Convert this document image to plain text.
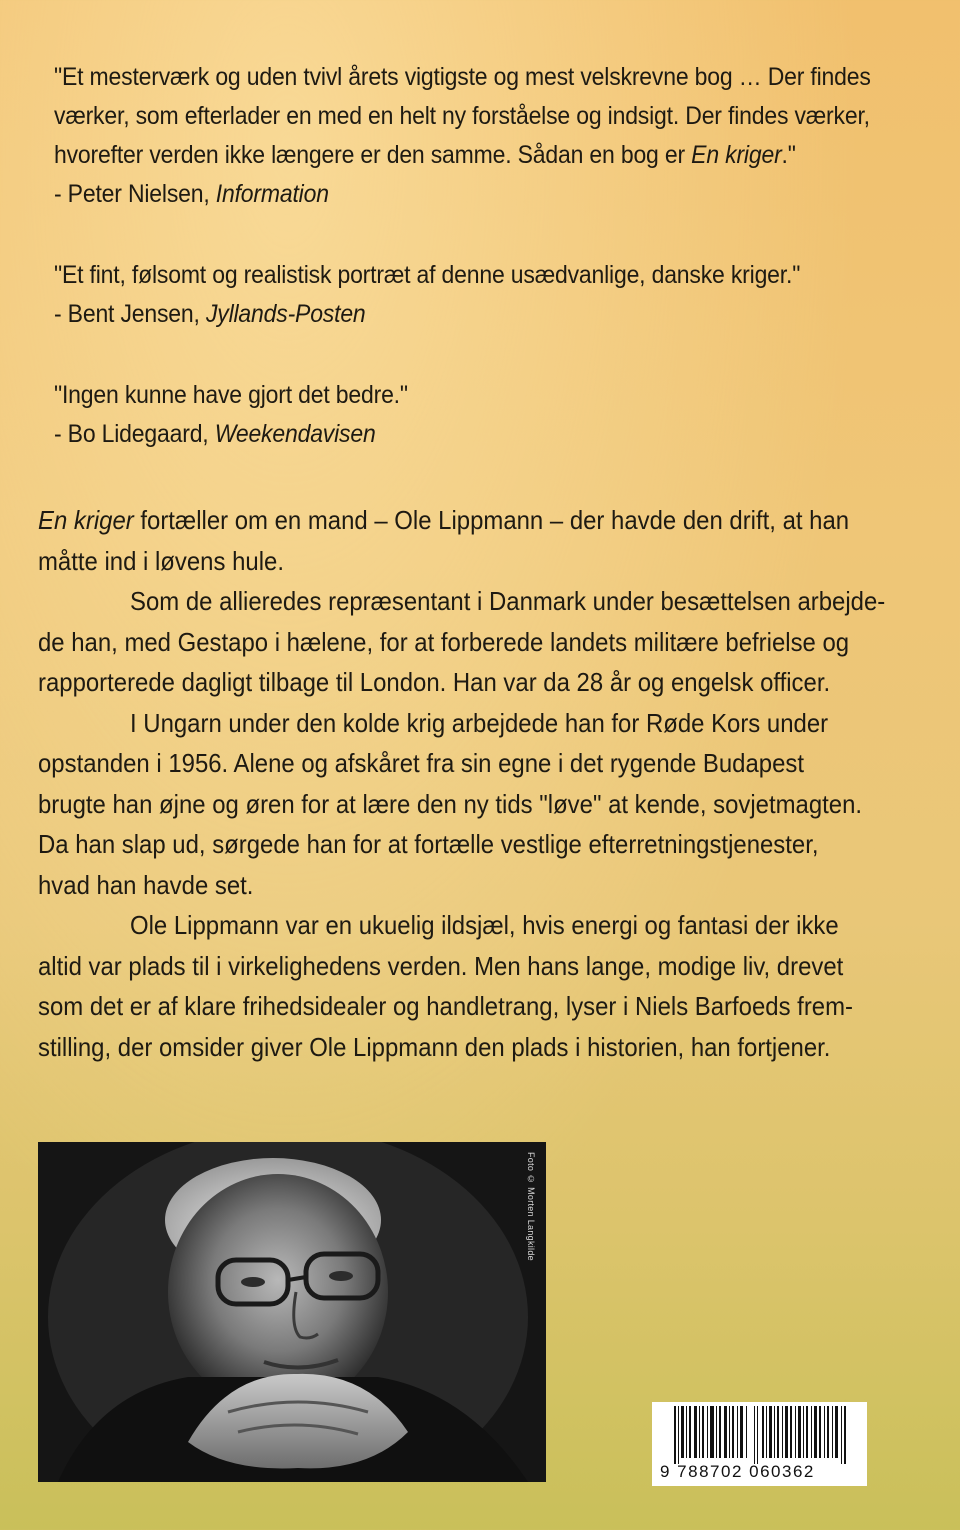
"Et mesterværk og uden tvivl årets vigtigste og mest velskrevne bog … Der findes
værker, som efterlader en med en helt ny forståelse og indsigt. Der findes værker,
hvorefter verden ikke længere er den samme. Sådan en bog er En kriger."
- Peter Nielsen, Information
"Et fint, følsomt og realistisk portræt af denne usædvanlige, danske kriger."
- Bent Jensen, Jyllands-Posten
"Ingen kunne have gjort det bedre."
- Bo Lidegaard, Weekendavisen

En kriger fortæller om en mand – Ole Lippmann – der havde den drift, at han
måtte ind i løvens hule.

Som de allieredes repræsentant i Danmark under besættelsen arbejde-
de han, med Gestapo i hælene, for at forberede landets militære befrielse og
rapporterede dagligt tilbage til London. Han var da 28 år og engelsk officer.

I Ungarn under den kolde krig arbejdede han for Røde Kors under
opstanden i 1956. Alene og afskåret fra sin egne i det rygende Budapest
brugte han øjne og øren for at lære den ny tids "løve" at kende, sovjetmagten.
Da han slap ud, sørgede han for at fortælle vestlige efterretningstjenester,
hvad han havde set.

Ole Lippmann var en ukuelig ildsjæl, hvis energi og fantasi der ikke
altid var plads til i virkelighedens verden. Men hans lange, modige liv, drevet
som det er af klare frihedsidealer og handletrang, lyser i Niels Barfoeds frem-
stilling, der omsider giver Ole Lippmann den plads i historien, han fortjener.

Foto © Morten Langkilde
9 788702 060362
